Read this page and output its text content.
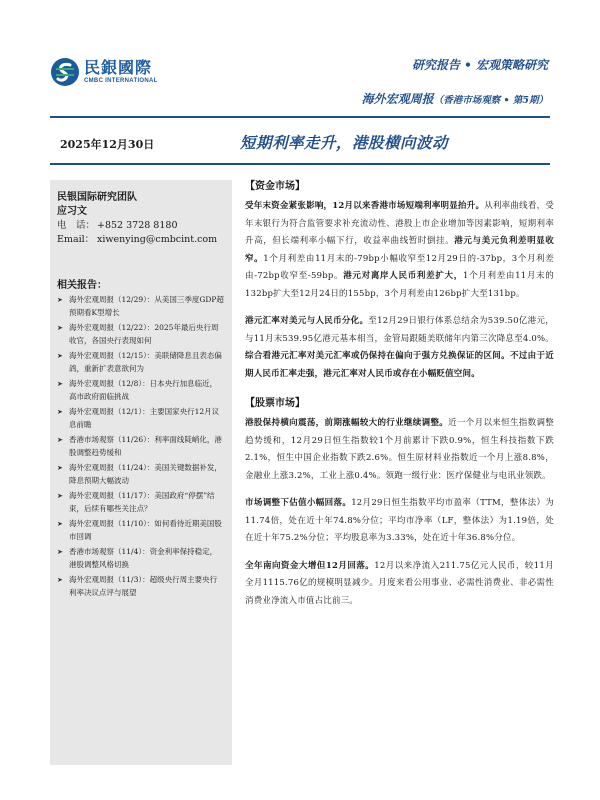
民銀國際
CMBC INTERNATIONAL
研究报告 • 宏观策略研究
海外宏观周报（香港市场观察 • 第5期）
2025年12月30日	短期利率走升，港股横向波动
民银国际研究团队
应习文
电　话： +852 3728 8180
Email： xiwenying@cmbcint.com
相关报告：
➤ 海外宏观周报（12/29）：从美国三季度GDP超预期看K型增长
➤ 海外宏观周报（12/22）：2025年最后央行周收官，各国央行表现如何
➤ 海外宏观周报（12/15）：美联储降息且表态偏鸽，重新扩表意欲何为
➤ 海外宏观周报（12/8）：日本央行加息临近，高市政府面临挑战
➤ 海外宏观周报（12/1）：主要国家央行12月议息前瞻
➤ 香港市场观察（11/26）：利率面线陡峭化，港股调整趋势缓和
➤ 海外宏观周报（11/24）：美国关键数据补发，降息预期大幅波动
➤ 海外宏观周报（11/17）：美国政府“停摆”结束，后续有哪些关注点？
➤ 海外宏观周报（11/10）：如何看待近期美国股市回调
➤ 香港市场观察（11/4）：资金利率保持稳定，港股调整风格切换
➤ 海外宏观周报（11/3）：超级央行周主要央行利率决议点评与展望
【资金市场】

受年末资金紧张影响，12月以来香港市场短端利率明显抬升。从利率曲线看，受年末银行为符合监管要求补充流动性、港股上市企业增加等因素影响，短期利率升高，但长端利率小幅下行，收益率曲线暂时倒挂。港元与美元负利差明显收窄。1个月利差由11月末的-79bp小幅收窄至12月29日的-37bp，3个月利差由-72bp收窄至-59bp。港元对离岸人民币利差扩大，1个月利差由11月末的132bp扩大至12月24日的155bp，3个月利差由126bp扩大至131bp。

港元汇率对美元与人民币分化。至12月29日银行体系总结余为539.50亿港元，与11月末539.95亿港元基本相当，金管局跟随美联储年内第三次降息至4.0%。综合看港元汇率对美元汇率或仍保持在偏向于强方兑换保证的区间。不过由于近期人民币汇率走强，港元汇率对人民币或存在小幅贬值空间。

【股票市场】

港股保持横向震荡，前期涨幅较大的行业继续调整。近一个月以来恒生指数调整趋势缓和，12月29日恒生指数较1个月前累计下跌0.9%，恒生科技指数下跌2.1%，恒生中国企业指数下跌2.6%。恒生原材料业指数近一个月上涨8.8%，金融业上涨3.2%，工业上涨0.4%。领跑一级行业：医疗保健业与电讯业领跌。

市场调整下估值小幅回落。12月29日恒生指数平均市盈率（TTM，整体法）为11.74倍，处在近十年74.8%分位；平均市净率（LF，整体法）为1.19倍，处在近十年75.2%分位；平均股息率为3.33%，处在近十年36.8%分位。

全年南向资金大增但12月回落。12月以来净流入211.75亿元人民币，较11月全月1115.76亿的规模明显减少。月度来看公用事业、必需性消费业、非必需性消费业净流入市值占比前三。
